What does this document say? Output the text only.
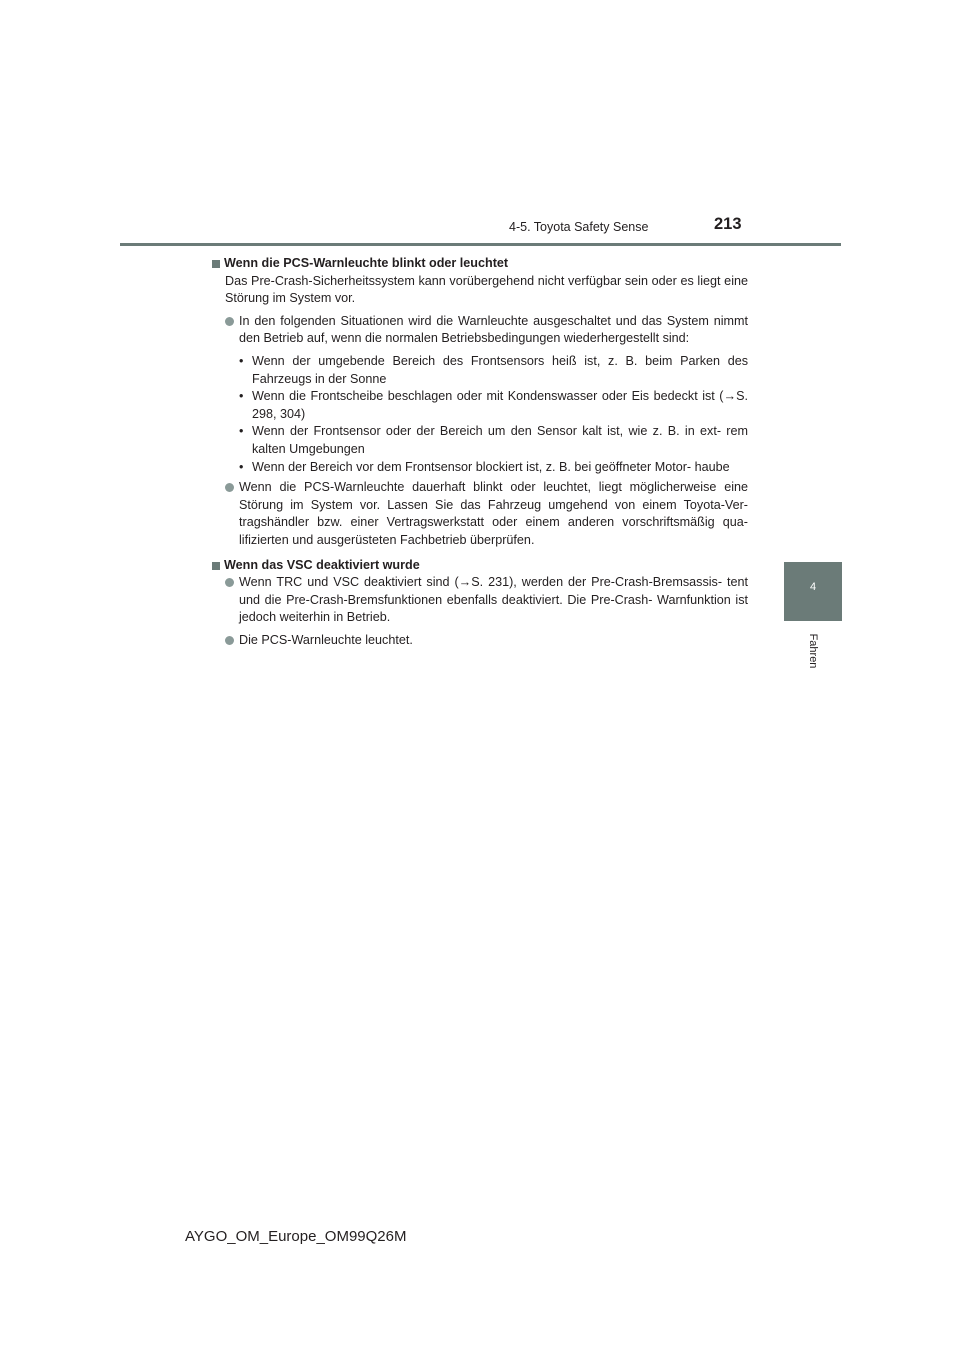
4-5. Toyota Safety Sense	213
4
Fahren

Wenn die PCS-Warnleuchte blinkt oder leuchtet

Das Pre-Crash-Sicherheitssystem kann vorübergehend nicht verfügbar sein oder es liegt eine Störung im System vor.

In den folgenden Situationen wird die Warnleuchte ausgeschaltet und das System nimmt den Betrieb auf, wenn die normalen Betriebsbedingungen wiederhergestellt sind:
• Wenn der umgebende Bereich des Frontsensors heiß ist, z. B. beim Parken des Fahrzeugs in der Sonne
• Wenn die Frontscheibe beschlagen oder mit Kondenswasser oder Eis bedeckt ist (→S. 298, 304)
• Wenn der Frontsensor oder der Bereich um den Sensor kalt ist, wie z. B. in ext- rem kalten Umgebungen
• Wenn der Bereich vor dem Frontsensor blockiert ist, z. B. bei geöffneter Motor- haube
Wenn die PCS-Warnleuchte dauerhaft blinkt oder leuchtet, liegt möglicherweise eine Störung im System vor. Lassen Sie das Fahrzeug umgehend von einem Toyota-Ver- tragshändler bzw. einer Vertragswerkstatt oder einem anderen vorschriftsmäßig qua- lifizierten und ausgerüsteten Fachbetrieb überprüfen.

Wenn das VSC deaktiviert wurde

Wenn TRC und VSC deaktiviert sind (→S. 231), werden der Pre-Crash-Bremsassis- tent und die Pre-Crash-Bremsfunktionen ebenfalls deaktiviert. Die Pre-Crash- Warnfunktion ist jedoch weiterhin in Betrieb.
Die PCS-Warnleuchte leuchtet.
AYGO_OM_Europe_OM99Q26M
